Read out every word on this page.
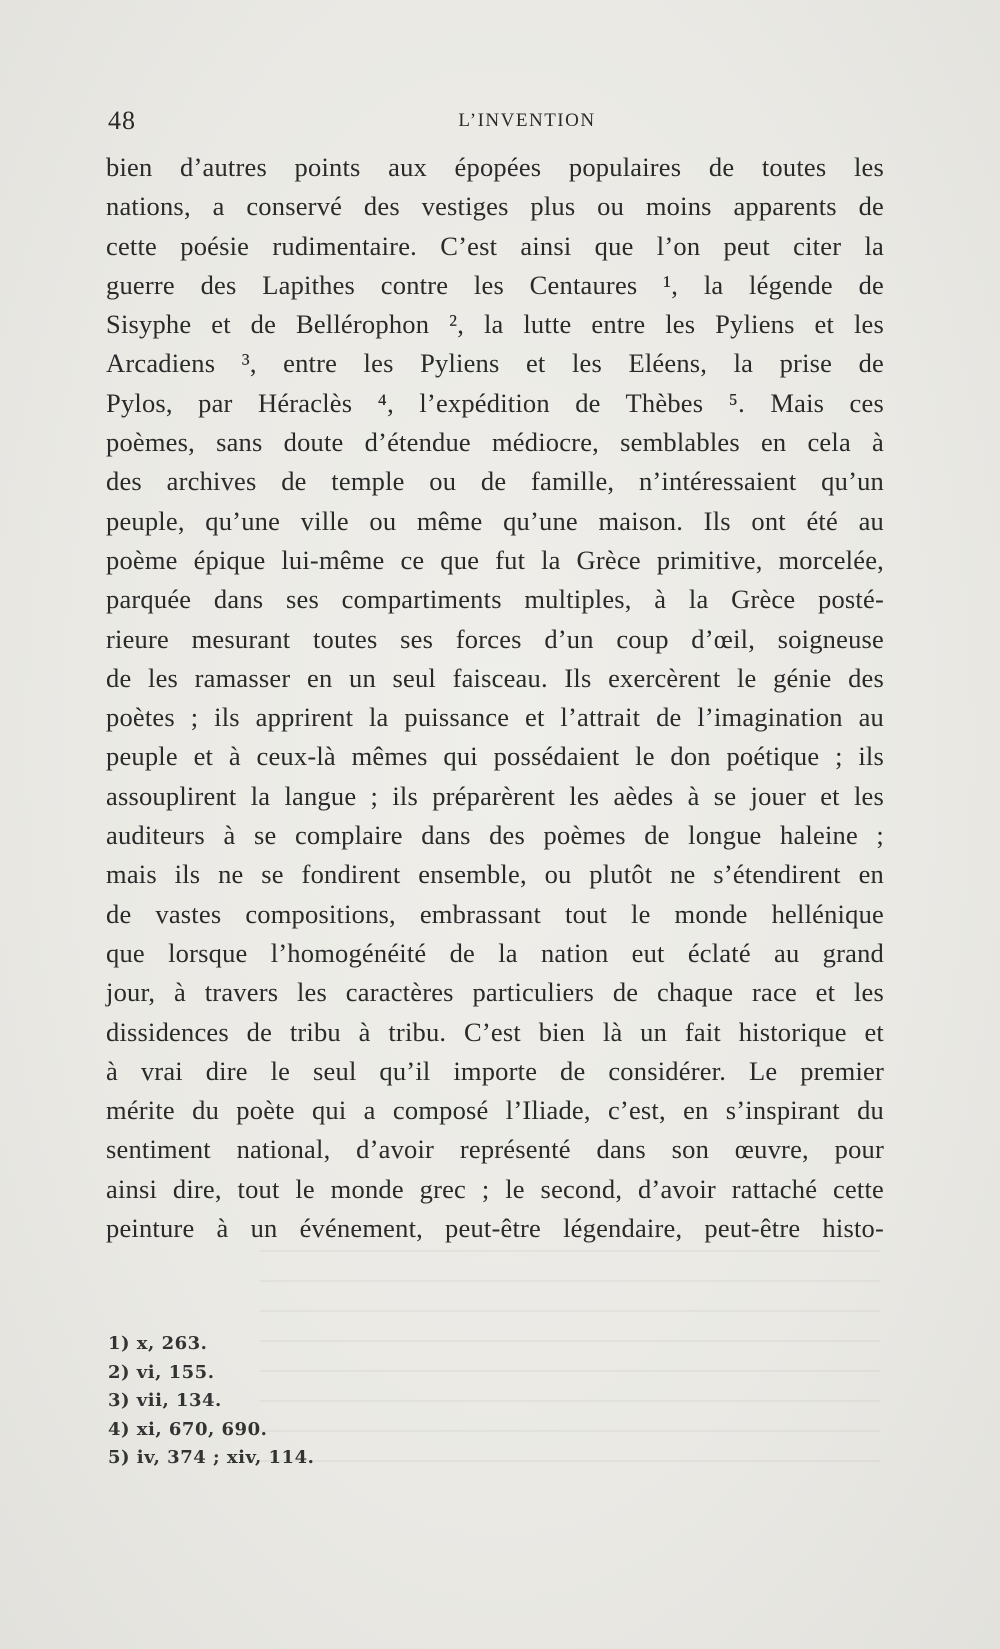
48	L’INVENTION
bien d’autres points aux épopées populaires de toutes les
nations, a conservé des vestiges plus ou moins apparents de
cette poésie rudimentaire. C’est ainsi que l’on peut citer la
guerre des Lapithes contre les Centaures ¹, la légende de
Sisyphe et de Bellérophon ², la lutte entre les Pyliens et les
Arcadiens ³, entre les Pyliens et les Eléens, la prise de
Pylos, par Héraclès ⁴, l’expédition de Thèbes ⁵. Mais ces
poèmes, sans doute d’étendue médiocre, semblables en cela à
des archives de temple ou de famille, n’intéressaient qu’un
peuple, qu’une ville ou même qu’une maison. Ils ont été au
poème épique lui-même ce que fut la Grèce primitive, morcelée,
parquée dans ses compartiments multiples, à la Grèce posté-
rieure mesurant toutes ses forces d’un coup d’œil, soigneuse
de les ramasser en un seul faisceau. Ils exercèrent le génie des
poètes ; ils apprirent la puissance et l’attrait de l’imagination au
peuple et à ceux-là mêmes qui possédaient le don poétique ; ils
assouplirent la langue ; ils préparèrent les aèdes à se jouer et les
auditeurs à se complaire dans des poèmes de longue haleine ;
mais ils ne se fondirent ensemble, ou plutôt ne s’étendirent en
de vastes compositions, embrassant tout le monde hellénique
que lorsque l’homogénéité de la nation eut éclaté au grand
jour, à travers les caractères particuliers de chaque race et les
dissidences de tribu à tribu. C’est bien là un fait historique et
à vrai dire le seul qu’il importe de considérer. Le premier
mérite du poète qui a composé l’Iliade, c’est, en s’inspirant du
sentiment national, d’avoir représenté dans son œuvre, pour
ainsi dire, tout le monde grec ; le second, d’avoir rattaché cette
peinture à un événement, peut-être légendaire, peut-être histo-
1) x, 263.
2) vi, 155.
3) vii, 134.
4) xi, 670, 690.
5) iv, 374 ; xiv, 114.
